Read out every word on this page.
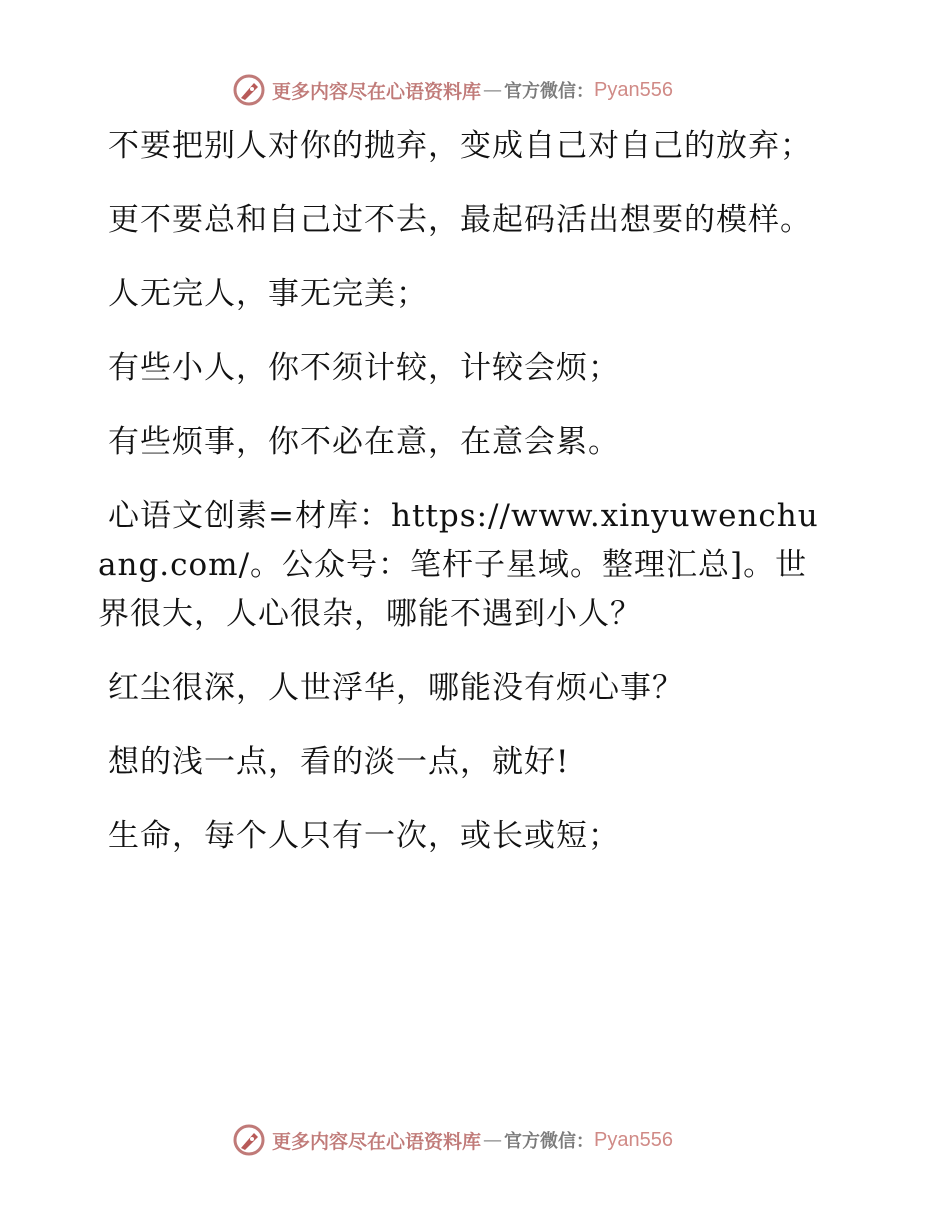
更多内容尽在心语资料库 — 官方微信： Pyan556

不要把别人对你的抛弃，变成自己对自己的放弃；

更不要总和自己过不去，最起码活出想要的模样。

人无完人，事无完美；

有些小人，你不须计较，计较会烦；

有些烦事，你不必在意，在意会累。

心语文创素=材库：https://www.xinyuwenchuang.com/。公众号：笔杆子星域。整理汇总]。世界很大，人心很杂，哪能不遇到小人？

红尘很深，人世浮华，哪能没有烦心事？

想的浅一点，看的淡一点，就好!

生命，每个人只有一次，或长或短；

更多内容尽在心语资料库 — 官方微信： Pyan556
